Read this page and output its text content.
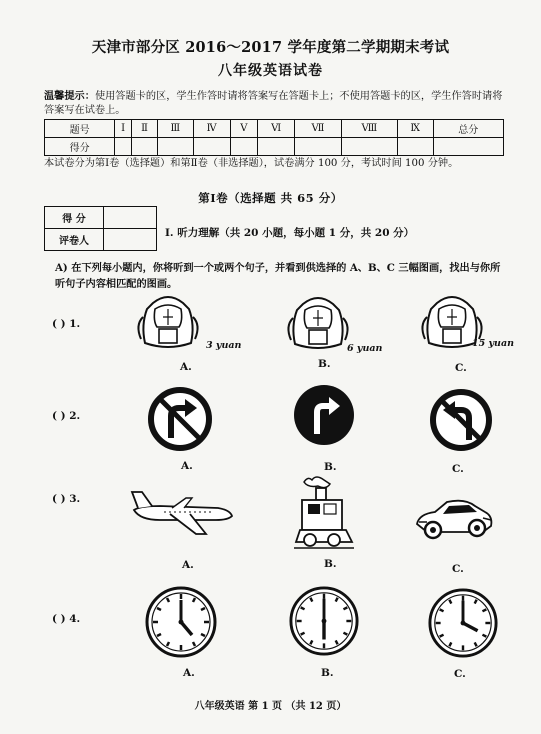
天津市部分区 2016～2017 学年度第二学期期末考试
八年级英语试卷
温馨提示：使用答题卡的区，学生作答时请将答案写在答题卡上；不使用答题卡的区，学生作答时请将答案写在试卷上。
题号	I	Ⅱ	Ⅲ	Ⅳ	Ⅴ	Ⅵ	Ⅶ	Ⅷ	Ⅸ	总分
得分										
本试卷分为第Ⅰ卷（选择题）和第Ⅱ卷（非选择题），试卷满分 100 分，考试时间 100 分钟。
第Ⅰ卷（选择题 共 65 分）
得 分	
评卷人	
Ⅰ. 听力理解（共 20 小题，每小题 1 分，共 20 分）
A) 在下列每小题内，你将听到一个或两个句子，并看到供选择的 A、B、C 三幅图画，找出与你所听句子内容相匹配的图画。
( ) 1.
3 yuan	6 yuan	15 yuan
A.	B.	C.
( ) 2.
A.	B.	C.
( ) 3.
A.	B.	C.
( ) 4.
A.	B.	C.
八年级英语 第 1 页 （共 12 页）
